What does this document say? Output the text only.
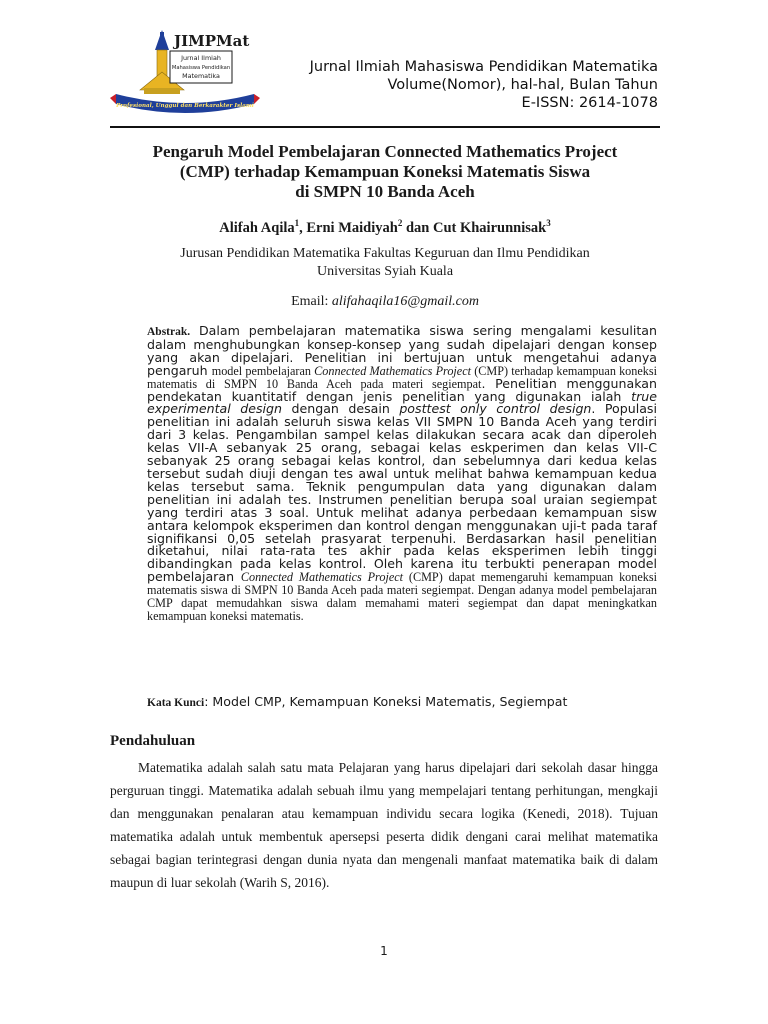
JIMPMat
Jurnal Ilmiah
Mahasiswa Pendidikan
Matematika
Profesional, Unggul dan Berkarakter Islami
Jurnal Ilmiah Mahasiswa Pendidikan Matematika
Volume(Nomor), hal-hal, Bulan Tahun
E-ISSN: 2614-1078
Pengaruh Model Pembelajaran Connected Mathematics Project
(CMP) terhadap Kemampuan Koneksi Matematis Siswa
di SMPN 10 Banda Aceh
Alifah Aqila$^1$, Erni Maidiyah$^2$ dan Cut Khairunnisak$^3$
Jurusan Pendidikan Matematika Fakultas Keguruan dan Ilmu Pendidikan
Universitas Syiah Kuala
Email: alifahaqila16@gmail.com
Abstrak. Dalam pembelajaran matematika siswa sering mengalami kesulitan dalam menghubungkan konsep-konsep yang sudah dipelajari dengan konsep yang akan dipelajari. Penelitian ini bertujuan untuk mengetahui adanya pengaruh model pembelajaran Connected Mathematics Project (CMP) terhadap kemampuan koneksi matematis di SMPN 10 Banda Aceh pada materi segiempat. Penelitian menggunakan pendekatan kuantitatif dengan jenis penelitian yang digunakan ialah true experimental design dengan desain posttest only control design. Populasi penelitian ini adalah seluruh siswa kelas VII SMPN 10 Banda Aceh yang terdiri dari 3 kelas. Pengambilan sampel kelas dilakukan secara acak dan diperoleh kelas VII-A sebanyak 25 orang, sebagai kelas eskperimen dan kelas VII-C sebanyak 25 orang sebagai kelas kontrol, dan sebelumnya dari kedua kelas tersebut sudah diuji dengan tes awal untuk melihat bahwa kemampuan kedua kelas tersebut sama. Teknik pengumpulan data yang digunakan dalam penelitian ini adalah tes. Instrumen penelitian berupa soal uraian segiempat yang terdiri atas 3 soal. Untuk melihat adanya perbedaan kemampuan sisw antara kelompok eksperimen dan kontrol dengan menggunakan uji-t pada taraf signifikansi 0,05 setelah prasyarat terpenuhi. Berdasarkan hasil penelitian diketahui, nilai rata-rata tes akhir pada kelas eksperimen lebih tinggi dibandingkan pada kelas kontrol. Oleh karena itu terbukti penerapan model pembelajaran Connected Mathematics Project (CMP) dapat memengaruhi kemampuan koneksi matematis siswa di SMPN 10 Banda Aceh pada materi segiempat. Dengan adanya model pembelajaran CMP dapat memudahkan siswa dalam memahami materi segiempat dan dapat meningkatkan kemampuan koneksi matematis.
Kata Kunci: Model CMP, Kemampuan Koneksi Matematis, Segiempat
Pendahuluan
Matematika adalah salah satu mata Pelajaran yang harus dipelajari dari sekolah dasar hingga perguruan tinggi. Matematika adalah sebuah ilmu yang mempelajari tentang perhitungan, mengkaji dan menggunakan penalaran atau kemampuan individu secara logika (Kenedi, 2018). Tujuan matematika adalah untuk membentuk apersepsi peserta didik dengani carai melihat matematika sebagai bagian terintegrasi dengan dunia nyata dan mengenali manfaat matematika baik di dalam maupun di luar sekolah (Warih S, 2016).
1
